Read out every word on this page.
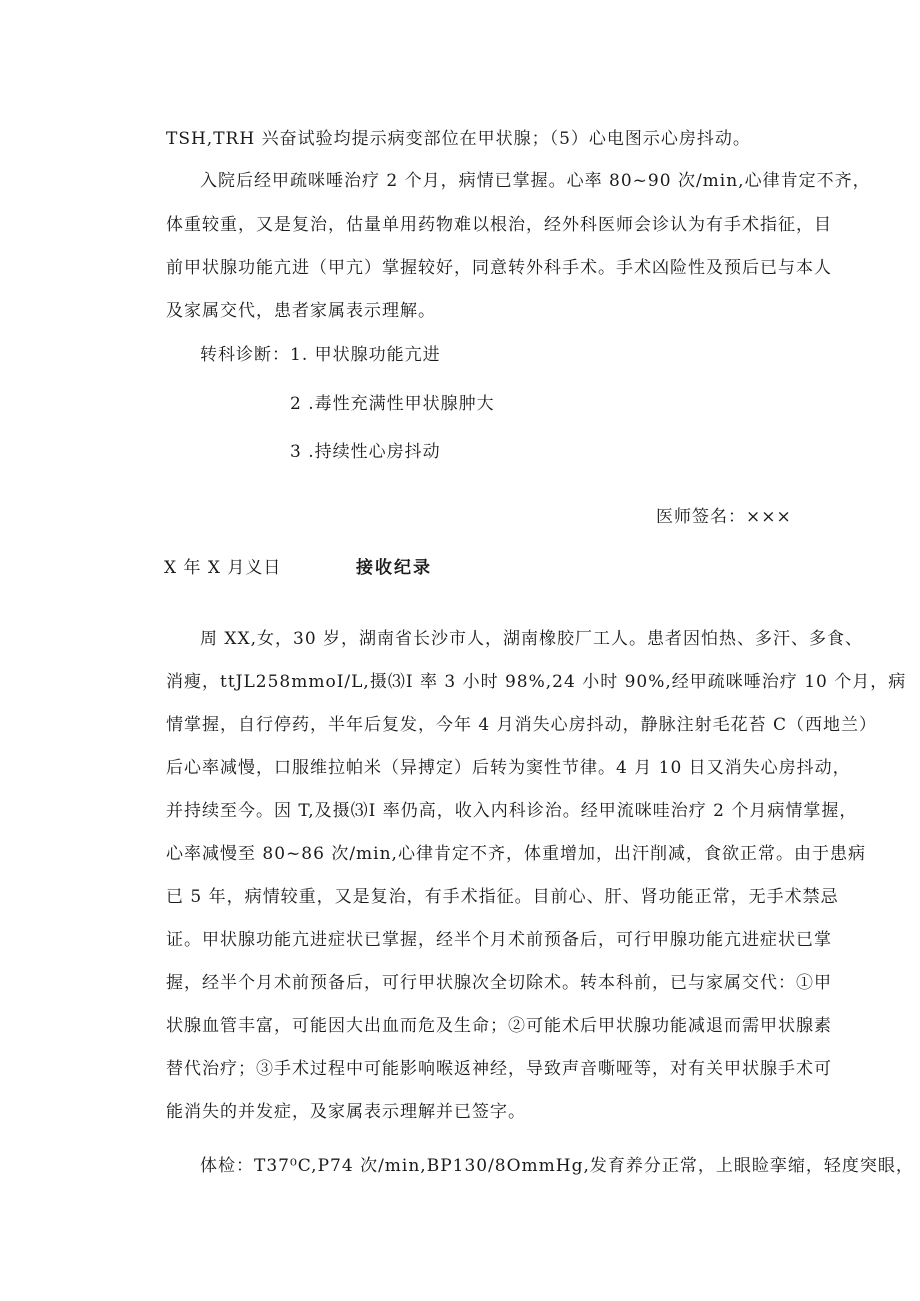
TSH,TRH 兴奋试验均提示病变部位在甲状腺；（5）心电图示心房抖动。
入院后经甲疏咪唾治疗 2 个月，病情已掌握。心率 80~90 次/min,心律肯定不齐，
体重较重，又是复治，估量单用药物难以根治，经外科医师会诊认为有手术指征，目
前甲状腺功能亢进（甲亢）掌握较好，同意转外科手术。手术凶险性及预后已与本人
及家属交代，患者家属表示理解。
转科诊断：1. 甲状腺功能亢进
2 .毒性充满性甲状腺肿大
3 .持续性心房抖动
医师签名：×××
X 年 X 月义日	接收纪录
周 XX,女，30 岁，湖南省长沙市人，湖南橡胶厂工人。患者因怕热、多汗、多食、
消瘦，ttJL258mmoI/L,摄⑶I 率 3 小时 98%,24 小时 90%,经甲疏咪唾治疗 10 个月，病
情掌握，自行停药，半年后复发，今年 4 月消失心房抖动，静脉注射毛花苔 C（西地兰）
后心率减慢，口服维拉帕米（异搏定）后转为窦性节律。4 月 10 日又消失心房抖动，
并持续至今。因 T,及摄⑶I 率仍高，收入内科诊治。经甲流咪哇治疗 2 个月病情掌握，
心率减慢至 80~86 次/min,心律肯定不齐，体重增加，出汗削减，食欲正常。由于患病
已 5 年，病情较重，又是复治，有手术指征。目前心、肝、肾功能正常，无手术禁忌
证。甲状腺功能亢进症状已掌握，经半个月术前预备后，可行甲腺功能亢进症状已掌
握，经半个月术前预备后，可行甲状腺次全切除术。转本科前，已与家属交代：①甲
状腺血管丰富，可能因大出血而危及生命；②可能术后甲状腺功能减退而需甲状腺素
替代治疗；③手术过程中可能影响喉返神经，导致声音嘶哑等，对有关甲状腺手术可
能消失的并发症，及家属表示理解并已签字。
体检：T37⁰C,P74 次/min,BP130/8OmmHg,发育养分正常，上眼睑挛缩，轻度突眼，
